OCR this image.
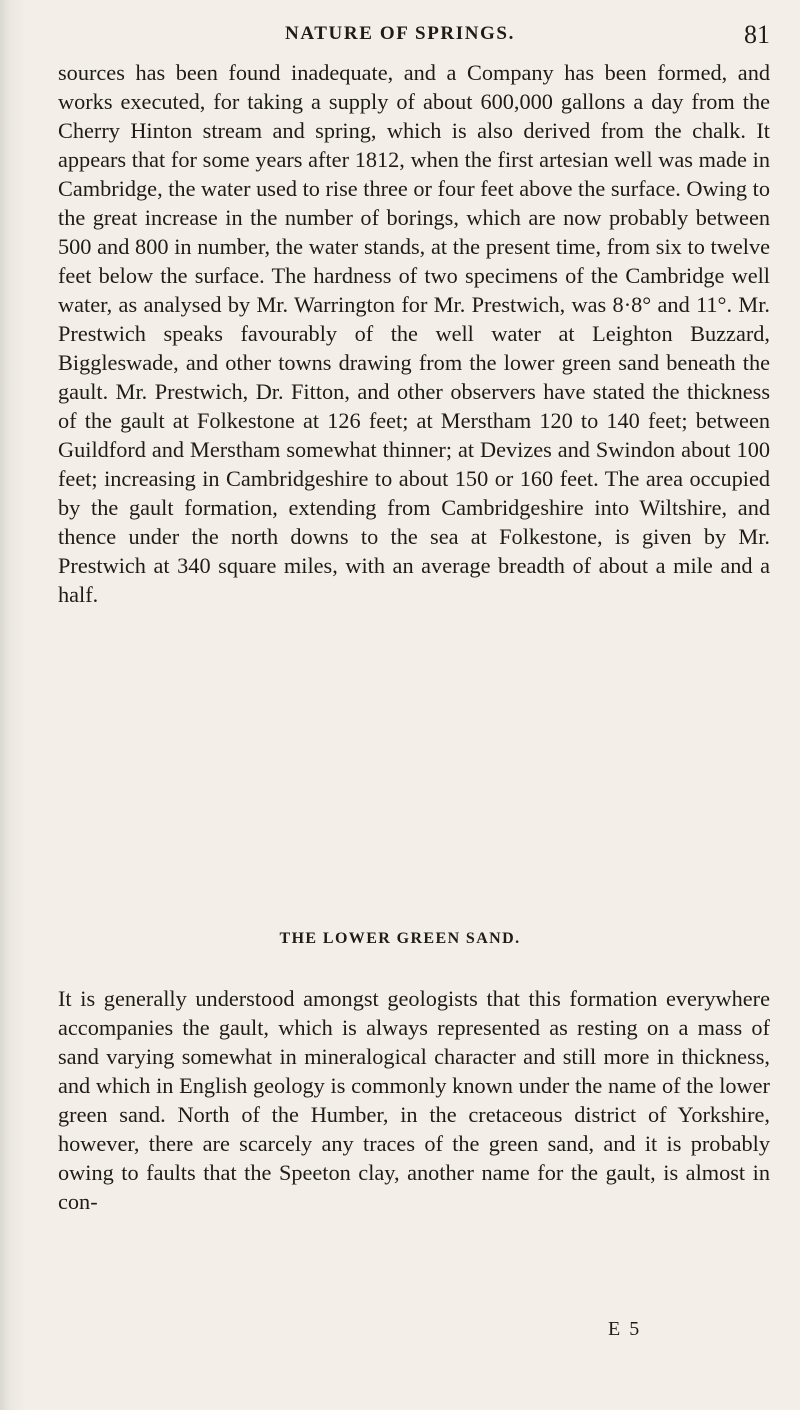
NATURE OF SPRINGS.	81

sources has been found inadequate, and a Company has been formed, and works executed, for taking a supply of about 600,000 gallons a day from the Cherry Hinton stream and spring, which is also derived from the chalk. It appears that for some years after 1812, when the first artesian well was made in Cambridge, the water used to rise three or four feet above the surface. Owing to the great increase in the number of borings, which are now probably between 500 and 800 in number, the water stands, at the present time, from six to twelve feet below the surface. The hardness of two specimens of the Cambridge well water, as analysed by Mr. Warrington for Mr. Prestwich, was 8·8° and 11°. Mr. Prestwich speaks favourably of the well water at Leighton Buzzard, Biggleswade, and other towns drawing from the lower green sand beneath the gault. Mr. Prestwich, Dr. Fitton, and other observers have stated the thickness of the gault at Folkestone at 126 feet; at Merstham 120 to 140 feet; between Guildford and Merstham somewhat thinner; at Devizes and Swindon about 100 feet; increasing in Cambridgeshire to about 150 or 160 feet. The area occupied by the gault formation, extending from Cambridgeshire into Wiltshire, and thence under the north downs to the sea at Folkestone, is given by Mr. Prestwich at 340 square miles, with an average breadth of about a mile and a half.

THE LOWER GREEN SAND.

It is generally understood amongst geologists that this formation everywhere accompanies the gault, which is always represented as resting on a mass of sand varying somewhat in mineralogical character and still more in thickness, and which in English geology is commonly known under the name of the lower green sand. North of the Humber, in the cretaceous district of Yorkshire, however, there are scarcely any traces of the green sand, and it is probably owing to faults that the Speeton clay, another name for the gault, is almost in con-

E 5
